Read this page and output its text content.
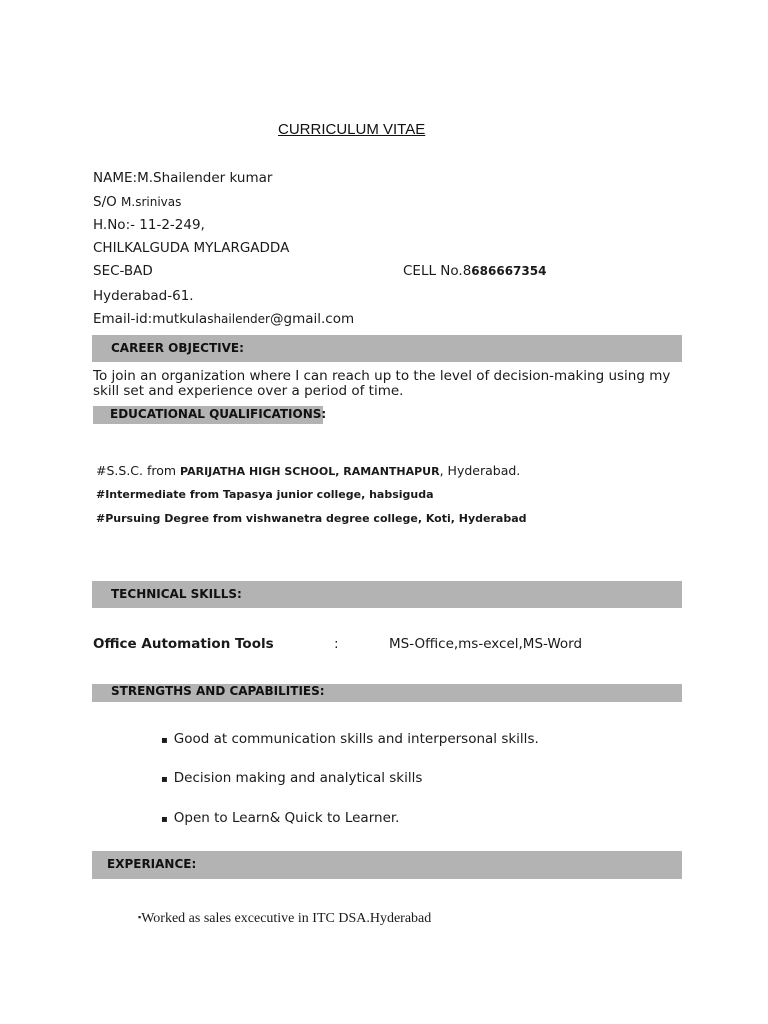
CURRICULUM VITAE
NAME:M.Shailender kumar
S/O M.srinivas
H.No:- 11-2-249,
CHILKALGUDA MYLARGADDA
SEC-BAD	CELL No.8686667354
Hyderabad-61.
Email-id:mutkulashailender@gmail.com
CAREER OBJECTIVE:
To join an organization where I can reach up to the level of decision-making using my skill set and experience over a period of time.
EDUCATIONAL QUALIFICATIONS:
#S.S.C. from PARIJATHA HIGH SCHOOL, RAMANTHAPUR, Hyderabad.
#Intermediate from Tapasya junior college, habsiguda
#Pursuing Degree from vishwanetra degree college, Koti, Hyderabad
TECHNICAL SKILLS:
Office Automation Tools	:	MS-Office,ms-excel,MS-Word
STRENGTHS AND CAPABILITIES:
▪ Good at communication skills and interpersonal skills.
▪ Decision making and analytical skills
▪ Open to Learn& Quick to Learner.
EXPERIANCE:
▪Worked as sales excecutive in ITC DSA.Hyderabad
